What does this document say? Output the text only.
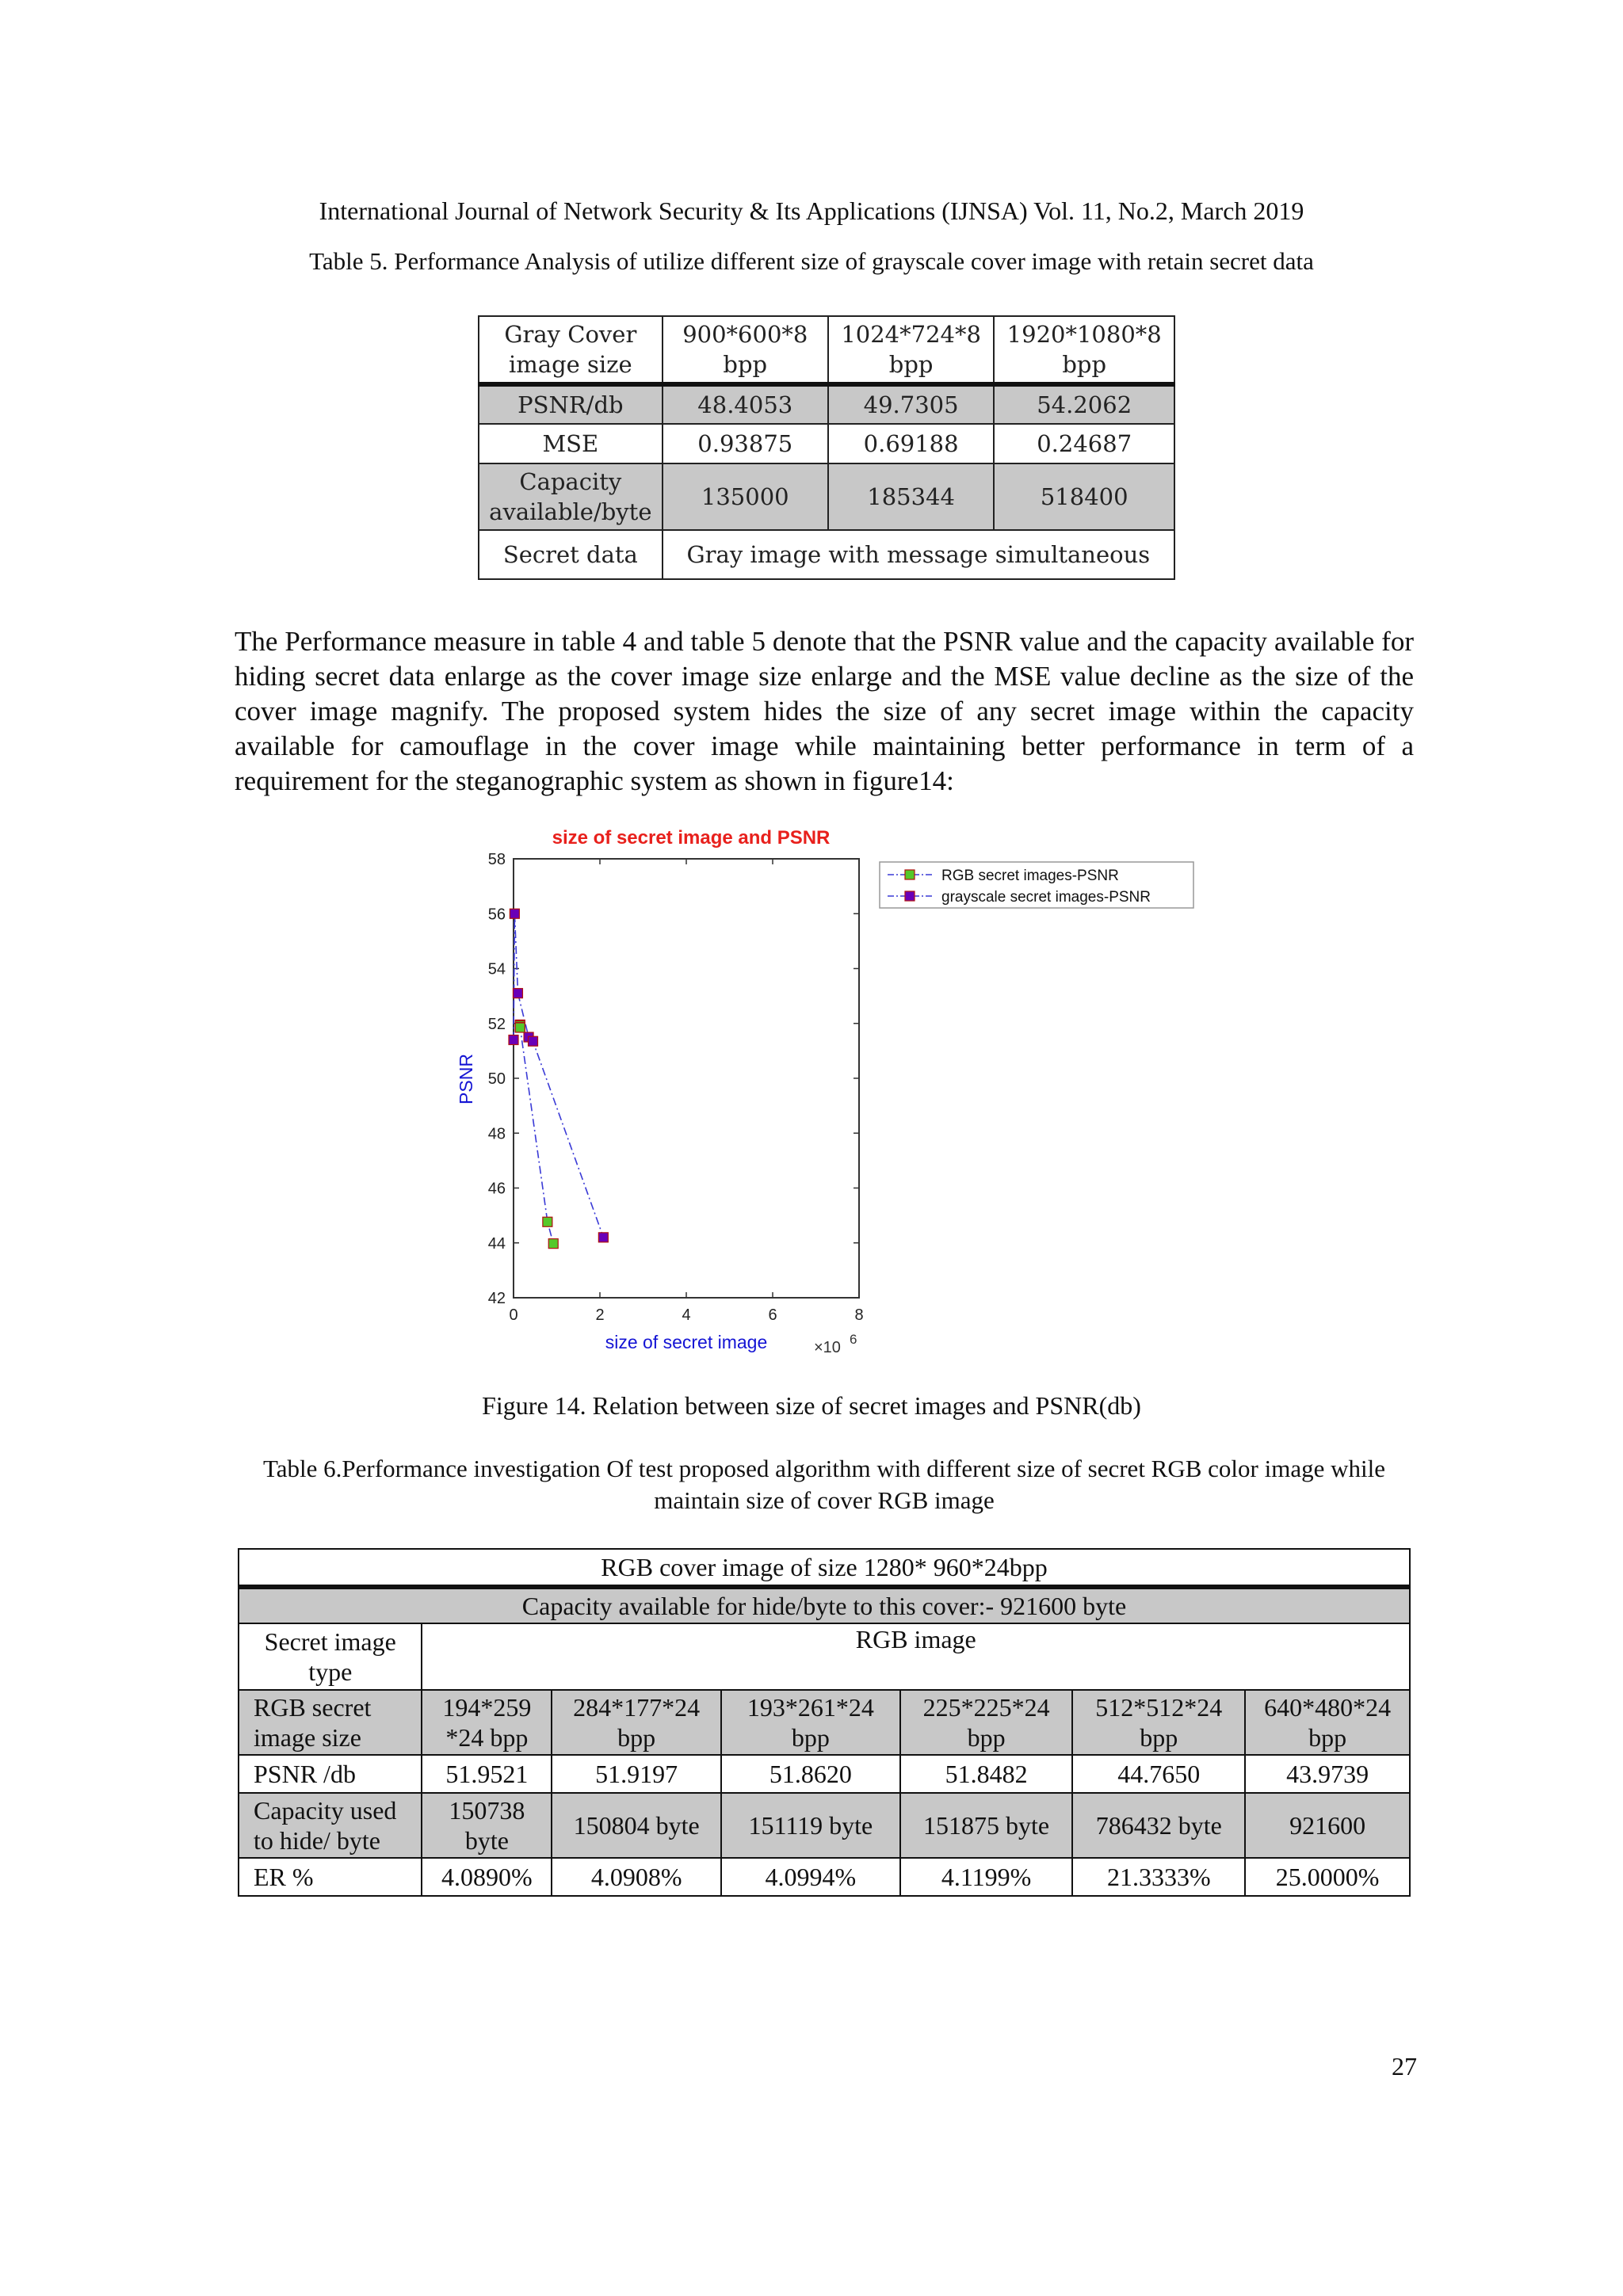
International Journal of Network Security & Its Applications (IJNSA) Vol. 11, No.2, March 2019
Table 5. Performance Analysis of utilize different size of grayscale cover image with retain secret data
Gray Cover image size	900*600*8 bpp	1024*724*8 bpp	1920*1080*8 bpp
PSNR/db	48.4053	49.7305	54.2062
MSE	0.93875	0.69188	0.24687
Capacity available/byte	135000	185344	518400
Secret data	Gray image with message simultaneous		
The Performance measure in table 4 and table 5 denote that the PSNR value and the capacity available for hiding secret data enlarge as the cover image size enlarge and the MSE value decline as the size of the cover image magnify. The proposed system hides the size of any secret image within the capacity available for camouflage in the cover image while maintaining better performance in term of a requirement for the steganographic system as shown in figure14:
size of secret image and PSNR
42
44
46
48
50
52
54
56
58
0	2	4	6	8
PSNR
size of secret image	×10 6
RGB secret images-PSNR
grayscale secret images-PSNR
Figure 14. Relation between size of secret images and PSNR(db)
Table 6.Performance investigation Of test proposed algorithm with different size of secret RGB color image while maintain size of cover RGB image
RGB cover image of size 1280* 960*24bpp						
Capacity available for hide/byte to this cover:- 921600 byte						
Secret image type	RGB image					
RGB secret image size	194*259 *24 bpp	284*177*24 bpp	193*261*24 bpp	225*225*24 bpp	512*512*24 bpp	640*480*24 bpp
PSNR /db	51.9521	51.9197	51.8620	51.8482	44.7650	43.9739
Capacity used to hide/ byte	150738 byte	150804 byte	151119 byte	151875 byte	786432 byte	921600
ER %	4.0890%	4.0908%	4.0994%	4.1199%	21.3333%	25.0000%
27
